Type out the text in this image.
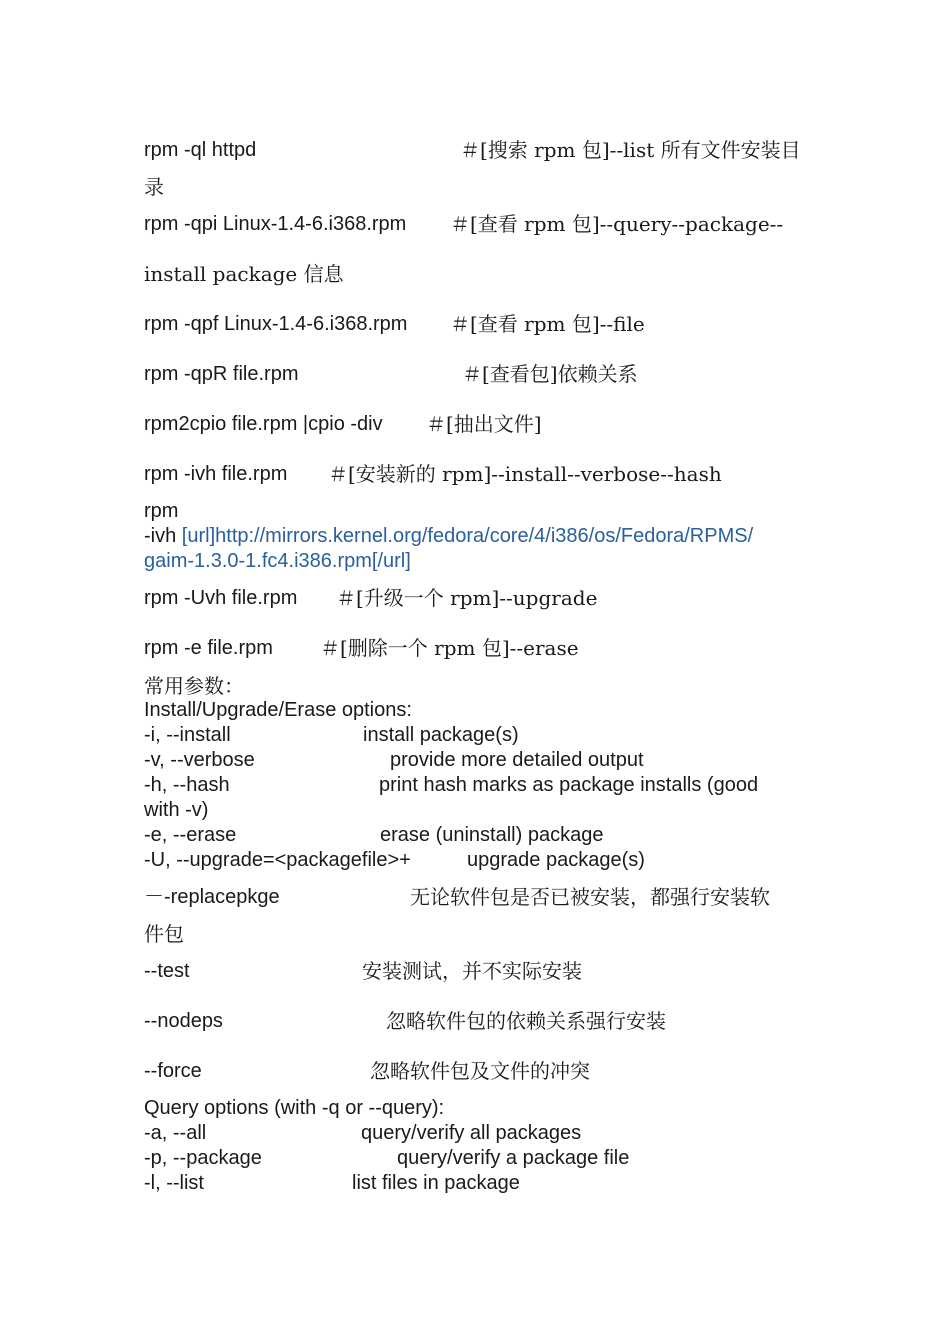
rpm -ql httpd	＃[搜索 rpm 包]--list 所有文件安装目
录
rpm -qpi Linux-1.4-6.i368.rpm ＃[查看 rpm 包]--query--package--
install package 信息
rpm -qpf Linux-1.4-6.i368.rpm ＃[查看 rpm 包]--file
rpm -qpR file.rpm	＃[查看包]依赖关系
rpm2cpio file.rpm |cpio -div ＃[抽出文件]
rpm -ivh file.rpm ＃[安装新的 rpm]--install--verbose--hash
rpm
-ivh [url]http://mirrors.kernel.org/fedora/core/4/i386/os/Fedora/RPMS/
gaim-1.3.0-1.fc4.i386.rpm[/url]
rpm -Uvh file.rpm ＃[升级一个 rpm]--upgrade
rpm -e file.rpm ＃[删除一个 rpm 包]--erase
常用参数：
Install/Upgrade/Erase options:
-i, --install	install package(s)
-v, --verbose	provide more detailed output
-h, --hash	print hash marks as package installs (good
with -v)
-e, --erase	erase (uninstall) package
-U, --upgrade=<packagefile>+	upgrade package(s)
－-replacepkge	无论软件包是否已被安装，都强行安装软
件包
--test	安装测试，并不实际安装
--nodeps	忽略软件包的依赖关系强行安装
--force	忽略软件包及文件的冲突
Query options (with -q or --query):
-a, --all	query/verify all packages
-p, --package	query/verify a package file
-l, --list	list files in package
